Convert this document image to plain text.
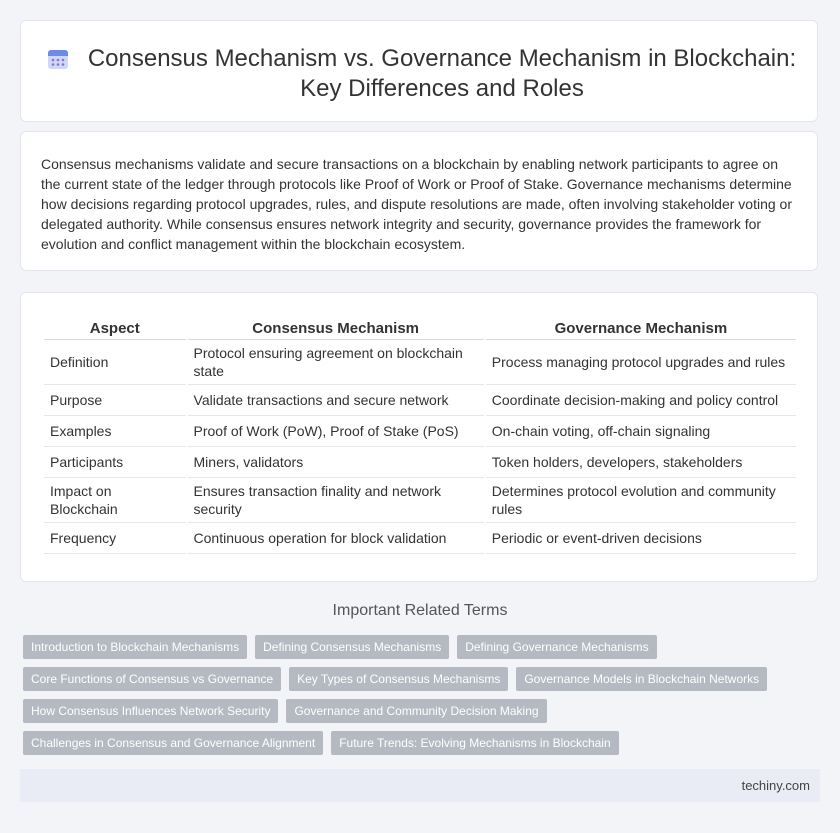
Consensus Mechanism vs. Governance Mechanism in Blockchain: Key Differences and Roles

Consensus mechanisms validate and secure transactions on a blockchain by enabling network participants to agree on the current state of the ledger through protocols like Proof of Work or Proof of Stake. Governance mechanisms determine how decisions regarding protocol upgrades, rules, and dispute resolutions are made, often involving stakeholder voting or delegated authority. While consensus ensures network integrity and security, governance provides the framework for evolution and conflict management within the blockchain ecosystem.

Aspect	Consensus Mechanism	Governance Mechanism
Definition	Protocol ensuring agreement on blockchain state	Process managing protocol upgrades and rules
Purpose	Validate transactions and secure network	Coordinate decision-making and policy control
Examples	Proof of Work (PoW), Proof of Stake (PoS)	On-chain voting, off-chain signaling
Participants	Miners, validators	Token holders, developers, stakeholders
Impact on Blockchain	Ensures transaction finality and network security	Determines protocol evolution and community rules
Frequency	Continuous operation for block validation	Periodic or event-driven decisions
Important Related Terms
Introduction to Blockchain Mechanisms	Defining Consensus Mechanisms	Defining Governance Mechanisms
Core Functions of Consensus vs Governance	Key Types of Consensus Mechanisms	Governance Models in Blockchain Networks
How Consensus Influences Network Security	Governance and Community Decision Making
Challenges in Consensus and Governance Alignment	Future Trends: Evolving Mechanisms in Blockchain
techiny.com
